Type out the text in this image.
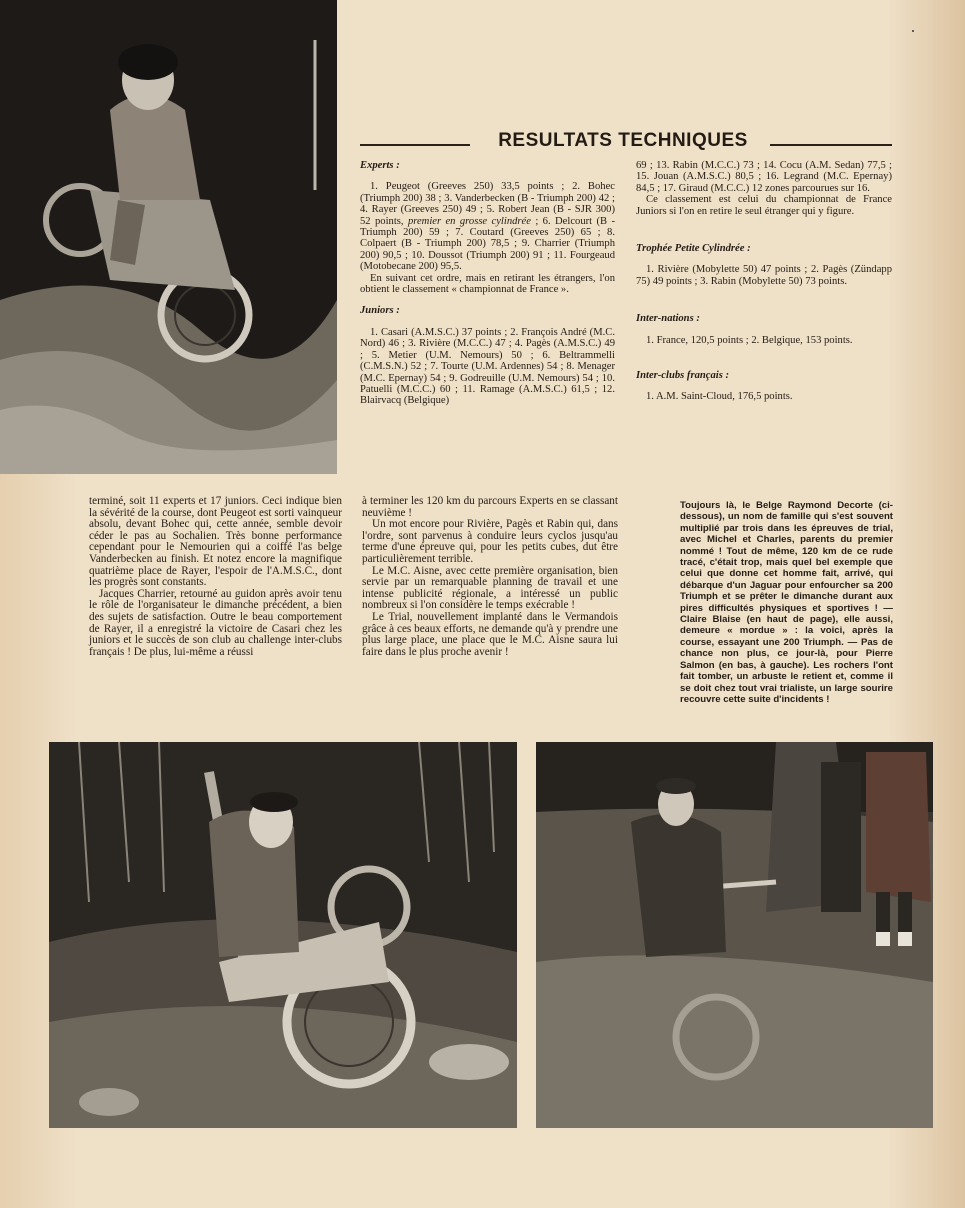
RESULTATS TECHNIQUES
Experts :

1. Peugeot (Greeves 250) 33,5 points ; 2. Bohec (Triumph 200) 38 ; 3. Vanderbecken (B - Triumph 200) 42 ; 4. Rayer (Greeves 250) 49 ; 5. Robert Jean (B - SJR 300) 52 points, premier en grosse cylindrée ; 6. Delcourt (B - Triumph 200) 59 ; 7. Coutard (Greeves 250) 65 ; 8. Colpaert (B - Triumph 200) 78,5 ; 9. Charrier (Triumph 200) 90,5 ; 10. Doussot (Triumph 200) 91 ; 11. Fourgeaud (Motobecane 200) 95,5.

En suivant cet ordre, mais en retirant les étrangers, l'on obtient le classement « championnat de France ».

Juniors :

1. Casari (A.M.S.C.) 37 points ; 2. François André (M.C. Nord) 46 ; 3. Rivière (M.C.C.) 47 ; 4. Pagès (A.M.S.C.) 49 ; 5. Metier (U.M. Nemours) 50 ; 6. Beltrammelli (C.M.S.N.) 52 ; 7. Tourte (U.M. Ardennes) 54 ; 8. Menager (M.C. Epernay) 54 ; 9. Godreuille (U.M. Nemours) 54 ; 10. Patuelli (M.C.C.) 60 ; 11. Ramage (A.M.S.C.) 61,5 ; 12. Blairvacq (Belgique)

69 ; 13. Rabin (M.C.C.) 73 ; 14. Cocu (A.M. Sedan) 77,5 ; 15. Jouan (A.M.S.C.) 80,5 ; 16. Legrand (M.C. Epernay) 84,5 ; 17. Giraud (M.C.C.) 12 zones parcourues sur 16.

Ce classement est celui du championnat de France Juniors si l'on en retire le seul étranger qui y figure.

Trophée Petite Cylindrée :

1. Rivière (Mobylette 50) 47 points ; 2. Pagès (Zündapp 75) 49 points ; 3. Rabin (Mobylette 50) 73 points.

Inter-nations :

1. France, 120,5 points ; 2. Belgique, 153 points.

Inter-clubs français :

1. A.M. Saint-Cloud, 176,5 points.

terminé, soit 11 experts et 17 juniors. Ceci indique bien la sévérité de la course, dont Peugeot est sorti vainqueur absolu, devant Bohec qui, cette année, semble devoir céder le pas au Sochalien. Très bonne performance cependant pour le Nemourien qui a coiffé l'as belge Vanderbecken au finish. Et notez encore la magnifique quatrième place de Rayer, l'espoir de l'A.M.S.C., dont les progrès sont constants.

Jacques Charrier, retourné au guidon après avoir tenu le rôle de l'organisateur le dimanche précédent, a bien des sujets de satisfaction. Outre le beau comportement de Rayer, il a enregistré la victoire de Casari chez les juniors et le succès de son club au challenge inter-clubs français ! De plus, lui-même a réussi

à terminer les 120 km du parcours Experts en se classant neuvième !

Un mot encore pour Rivière, Pagès et Rabin qui, dans l'ordre, sont parvenus à conduire leurs cyclos jusqu'au terme d'une épreuve qui, pour les petits cubes, dut être particulièrement terrible.

Le M.C. Aisne, avec cette première organisation, bien servie par un remarquable planning de travail et une intense publicité régionale, a intéressé un public nombreux si l'on considère le temps exécrable !

Le Trial, nouvellement implanté dans le Vermandois grâce à ces beaux efforts, ne demande qu'à y prendre une plus large place, une place que le M.C. Aisne saura lui faire dans le plus proche avenir !

Toujours là, le Belge Raymond Decorte (ci-dessous), un nom de famille qui s'est souvent multiplié par trois dans les épreuves de trial, avec Michel et Charles, parents du premier nommé ! Tout de même, 120 km de ce rude tracé, c'était trop, mais quel bel exemple que celui que donne cet homme fait, arrivé, qui débarque d'un Jaguar pour enfourcher sa 200 Triumph et se prêter le dimanche durant aux pires difficultés physiques et sportives ! — Claire Blaise (en haut de page), elle aussi, demeure « mordue » : la voici, après la course, essayant une 200 Triumph. — Pas de chance non plus, ce jour-là, pour Pierre Salmon (en bas, à gauche). Les rochers l'ont fait tomber, un arbuste le retient et, comme il se doit chez tout vrai trialiste, un large sourire recouvre cette suite d'incidents !
